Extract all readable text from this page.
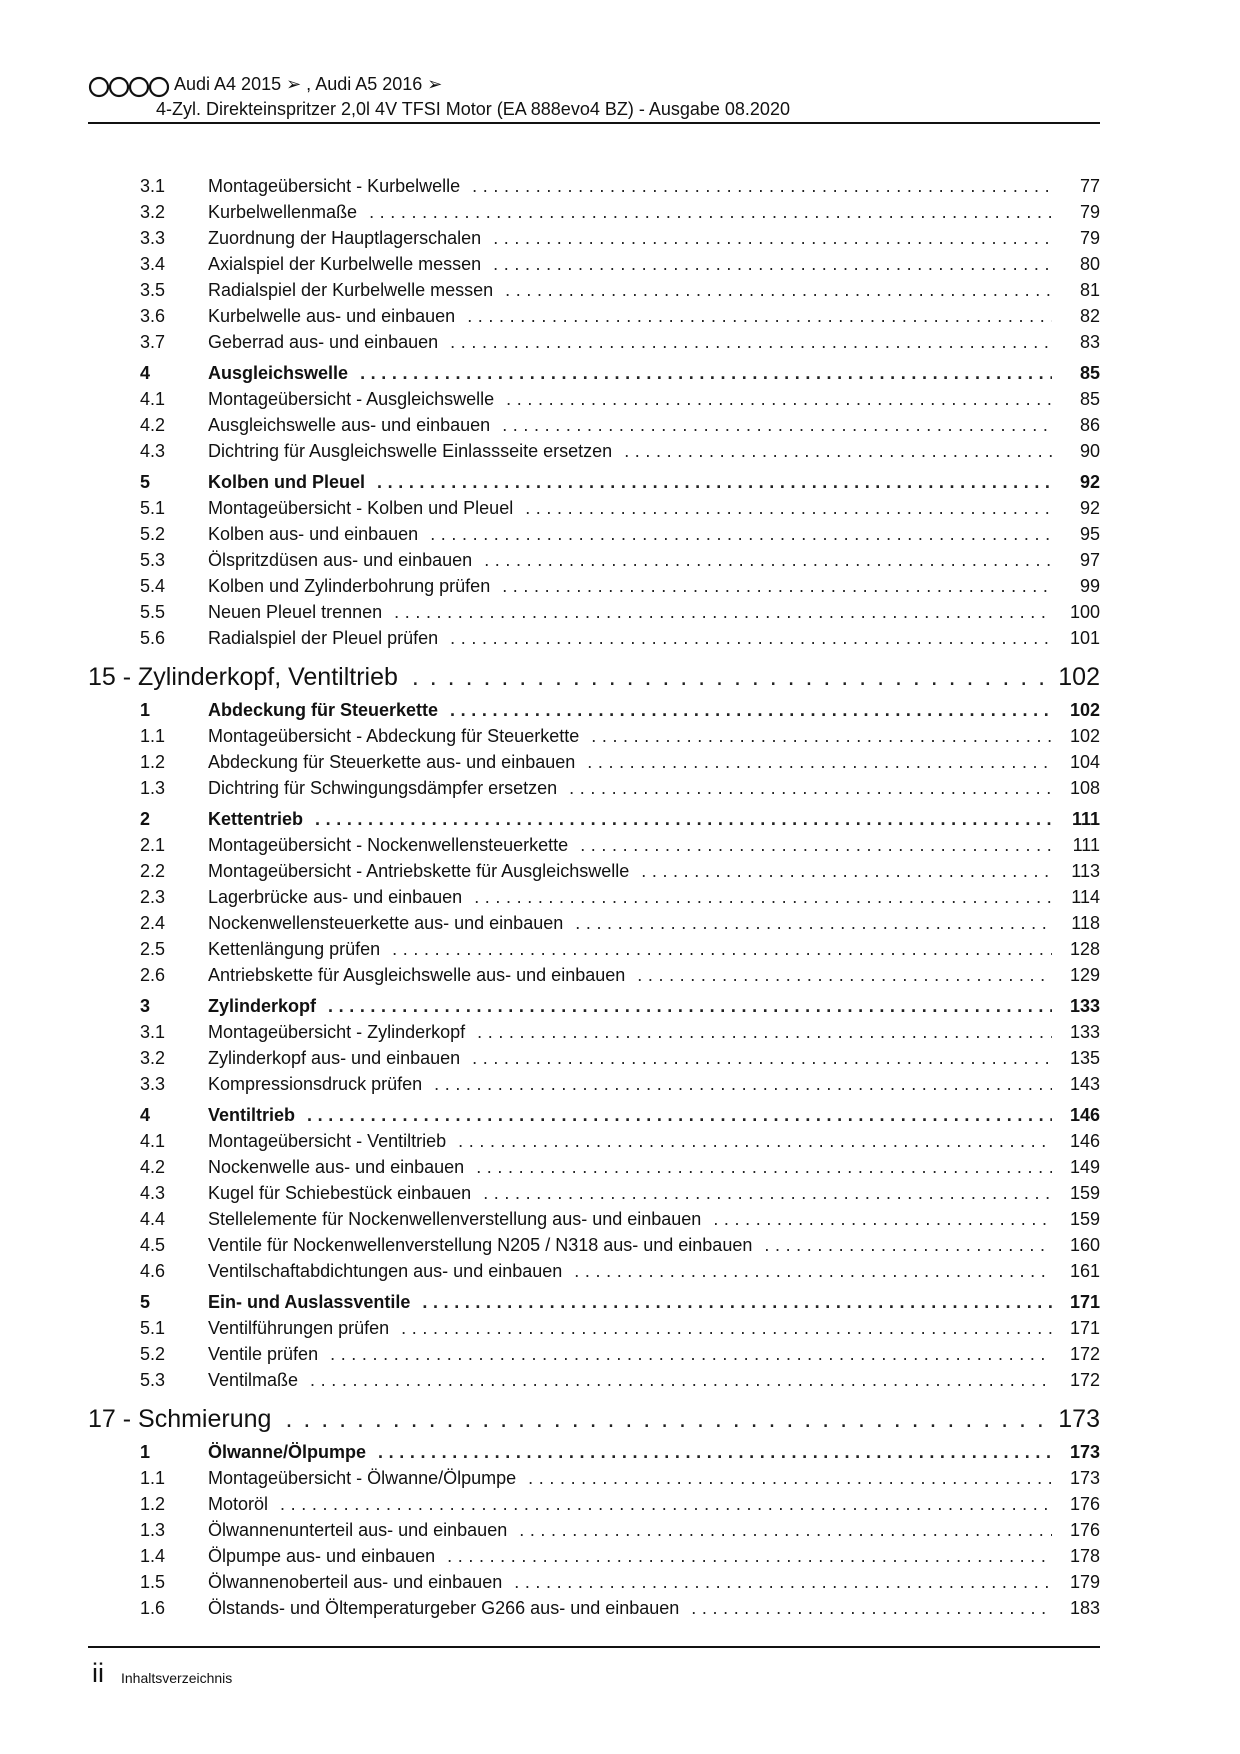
Audi A4 2015 ➢ , Audi A5 2016 ➢
4-Zyl. Direkteinspritzer 2,0l 4V TFSI Motor (EA 888evo4 BZ) - Ausgabe 08.2020
3.1 Montageübersicht - Kurbelwelle . . .	77
3.2 Kurbelwellenmaße . . .	79
3.3 Zuordnung der Hauptlagerschalen . . .	79
3.4 Axialspiel der Kurbelwelle messen . . .	80
3.5 Radialspiel der Kurbelwelle messen . . .	81
3.6 Kurbelwelle aus- und einbauen . . .	82
3.7 Geberrad aus- und einbauen . . .	83
4	Ausgleichswelle . . .	85
4.1 Montageübersicht - Ausgleichswelle . . .	85
4.2 Ausgleichswelle aus- und einbauen . . .	86
4.3 Dichtring für Ausgleichswelle Einlassseite ersetzen . . .	90
5	Kolben und Pleuel . . .	92
5.1 Montageübersicht - Kolben und Pleuel . . .	92
5.2 Kolben aus- und einbauen . . .	95
5.3 Ölspritzdüsen aus- und einbauen . . .	97
5.4 Kolben und Zylinderbohrung prüfen . . .	99
5.5 Neuen Pleuel trennen . . .	100
5.6 Radialspiel der Pleuel prüfen . . .	101
15 - Zylinderkopf, Ventiltrieb . . .	102
1	Abdeckung für Steuerkette . . .	102
1.1 Montageübersicht - Abdeckung für Steuerkette . . .	102
1.2 Abdeckung für Steuerkette aus- und einbauen . . .	104
1.3 Dichtring für Schwingungsdämpfer ersetzen . . .	108
2	Kettentrieb . . .	111
2.1 Montageübersicht - Nockenwellensteuerkette . . .	111
2.2 Montageübersicht - Antriebskette für Ausgleichswelle . . .	113
2.3 Lagerbrücke aus- und einbauen . . .	114
2.4 Nockenwellensteuerkette aus- und einbauen . . .	118
2.5 Kettenlängung prüfen . . .	128
2.6 Antriebskette für Ausgleichswelle aus- und einbauen . . .	129
3	Zylinderkopf . . .	133
3.1 Montageübersicht - Zylinderkopf . . .	133
3.2 Zylinderkopf aus- und einbauen . . .	135
3.3 Kompressionsdruck prüfen . . .	143
4	Ventiltrieb . . .	146
4.1 Montageübersicht - Ventiltrieb . . .	146
4.2 Nockenwelle aus- und einbauen . . .	149
4.3 Kugel für Schiebestück einbauen . . .	159
4.4 Stellelemente für Nockenwellenverstellung aus- und einbauen . . .	159
4.5 Ventile für Nockenwellenverstellung N205 / N318 aus- und einbauen . . .	160
4.6 Ventilschaftabdichtungen aus- und einbauen . . .	161
5	Ein- und Auslassventile . . .	171
5.1 Ventilführungen prüfen . . .	171
5.2 Ventile prüfen . . .	172
5.3 Ventilmaße . . .	172
17 - Schmierung . . .	173
1	Ölwanne/Ölpumpe . . .	173
1.1 Montageübersicht - Ölwanne/Ölpumpe . . .	173
1.2 Motoröl . . .	176
1.3 Ölwannenunterteil aus- und einbauen . . .	176
1.4 Ölpumpe aus- und einbauen . . .	178
1.5 Ölwannenoberteil aus- und einbauen . . .	179
1.6 Ölstands- und Öltemperaturgeber G266 aus- und einbauen . . .	183
ii Inhaltsverzeichnis
